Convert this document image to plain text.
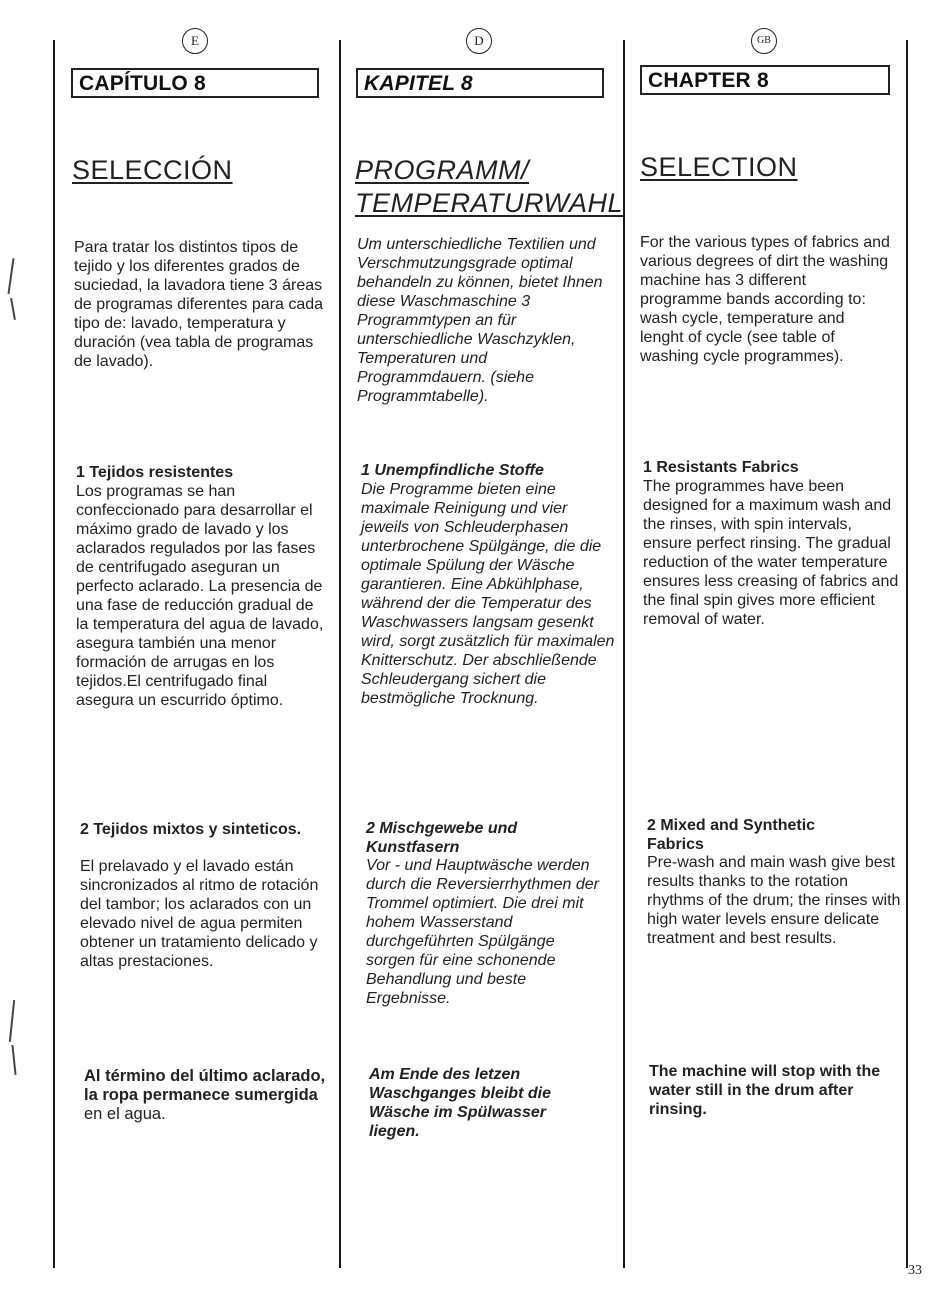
E
CAPÍTULO 8
SELECCIÓN

Para tratar los distintos tipos de tejido y los diferentes grados de suciedad, la lavadora tiene 3 áreas de programas diferentes para cada tipo de: lavado, temperatura y duración (vea tabla de programas de lavado).

1 Tejidos resistentes

Los programas se han confeccionado para desarrollar el máximo grado de lavado y los aclarados regulados por las fases de centrifugado aseguran un perfecto aclarado. La presencia de una fase de reducción gradual de la temperatura del agua de lavado, asegura también una menor formación de arrugas en los tejidos.El centrifugado final asegura un escurrido óptimo.

2 Tejidos mixtos y sinteticos.

El prelavado y el lavado están sincronizados al ritmo de rotación del tambor; los aclarados con un elevado nivel de agua permiten obtener un tratamiento delicado y altas prestaciones.

Al término del último aclarado, la ropa permanece sumergida en el agua.

D
KAPITEL 8
PROGRAMM/ TEMPERATURWAHL

Um unterschiedliche Textilien und Verschmutzungsgrade optimal behandeln zu können, bietet Ihnen diese Waschmaschine 3 Programmtypen an für unterschiedliche Waschzyklen, Temperaturen und Programmdauern. (siehe Programmtabelle).

1 Unempfindliche Stoffe

Die Programme bieten eine maximale Reinigung und vier jeweils von Schleuderphasen unterbrochene Spülgänge, die die optimale Spülung der Wäsche garantieren. Eine Abkühlphase, während der die Temperatur des Waschwassers langsam gesenkt wird, sorgt zusätzlich für maximalen Knitterschutz. Der abschließende Schleudergang sichert die bestmögliche Trocknung.

2 Mischgewebe und Kunstfasern

Vor - und Hauptwäsche werden durch die Reversierrhythmen der Trommel optimiert. Die drei mit hohem Wasserstand durchgeführten Spülgänge sorgen für eine schonende Behandlung und beste Ergebnisse.

Am Ende des letzen Waschganges bleibt die Wäsche im Spülwasser liegen.

GB
CHAPTER 8
SELECTION

For the various types of fabrics and various degrees of dirt the washing machine has 3 different programme bands according to: wash cycle, temperature and lenght of cycle (see table of washing cycle programmes).

1 Resistants Fabrics

The programmes have been designed for a maximum wash and the rinses, with spin intervals, ensure perfect rinsing. The gradual reduction of the water temperature ensures less creasing of fabrics and the final spin gives more efficient removal of water.

2 Mixed and Synthetic Fabrics

Pre-wash and main wash give best results thanks to the rotation rhythms of the drum; the rinses with high water levels ensure delicate treatment and best results.

The machine will stop with the water still in the drum after rinsing.

33
